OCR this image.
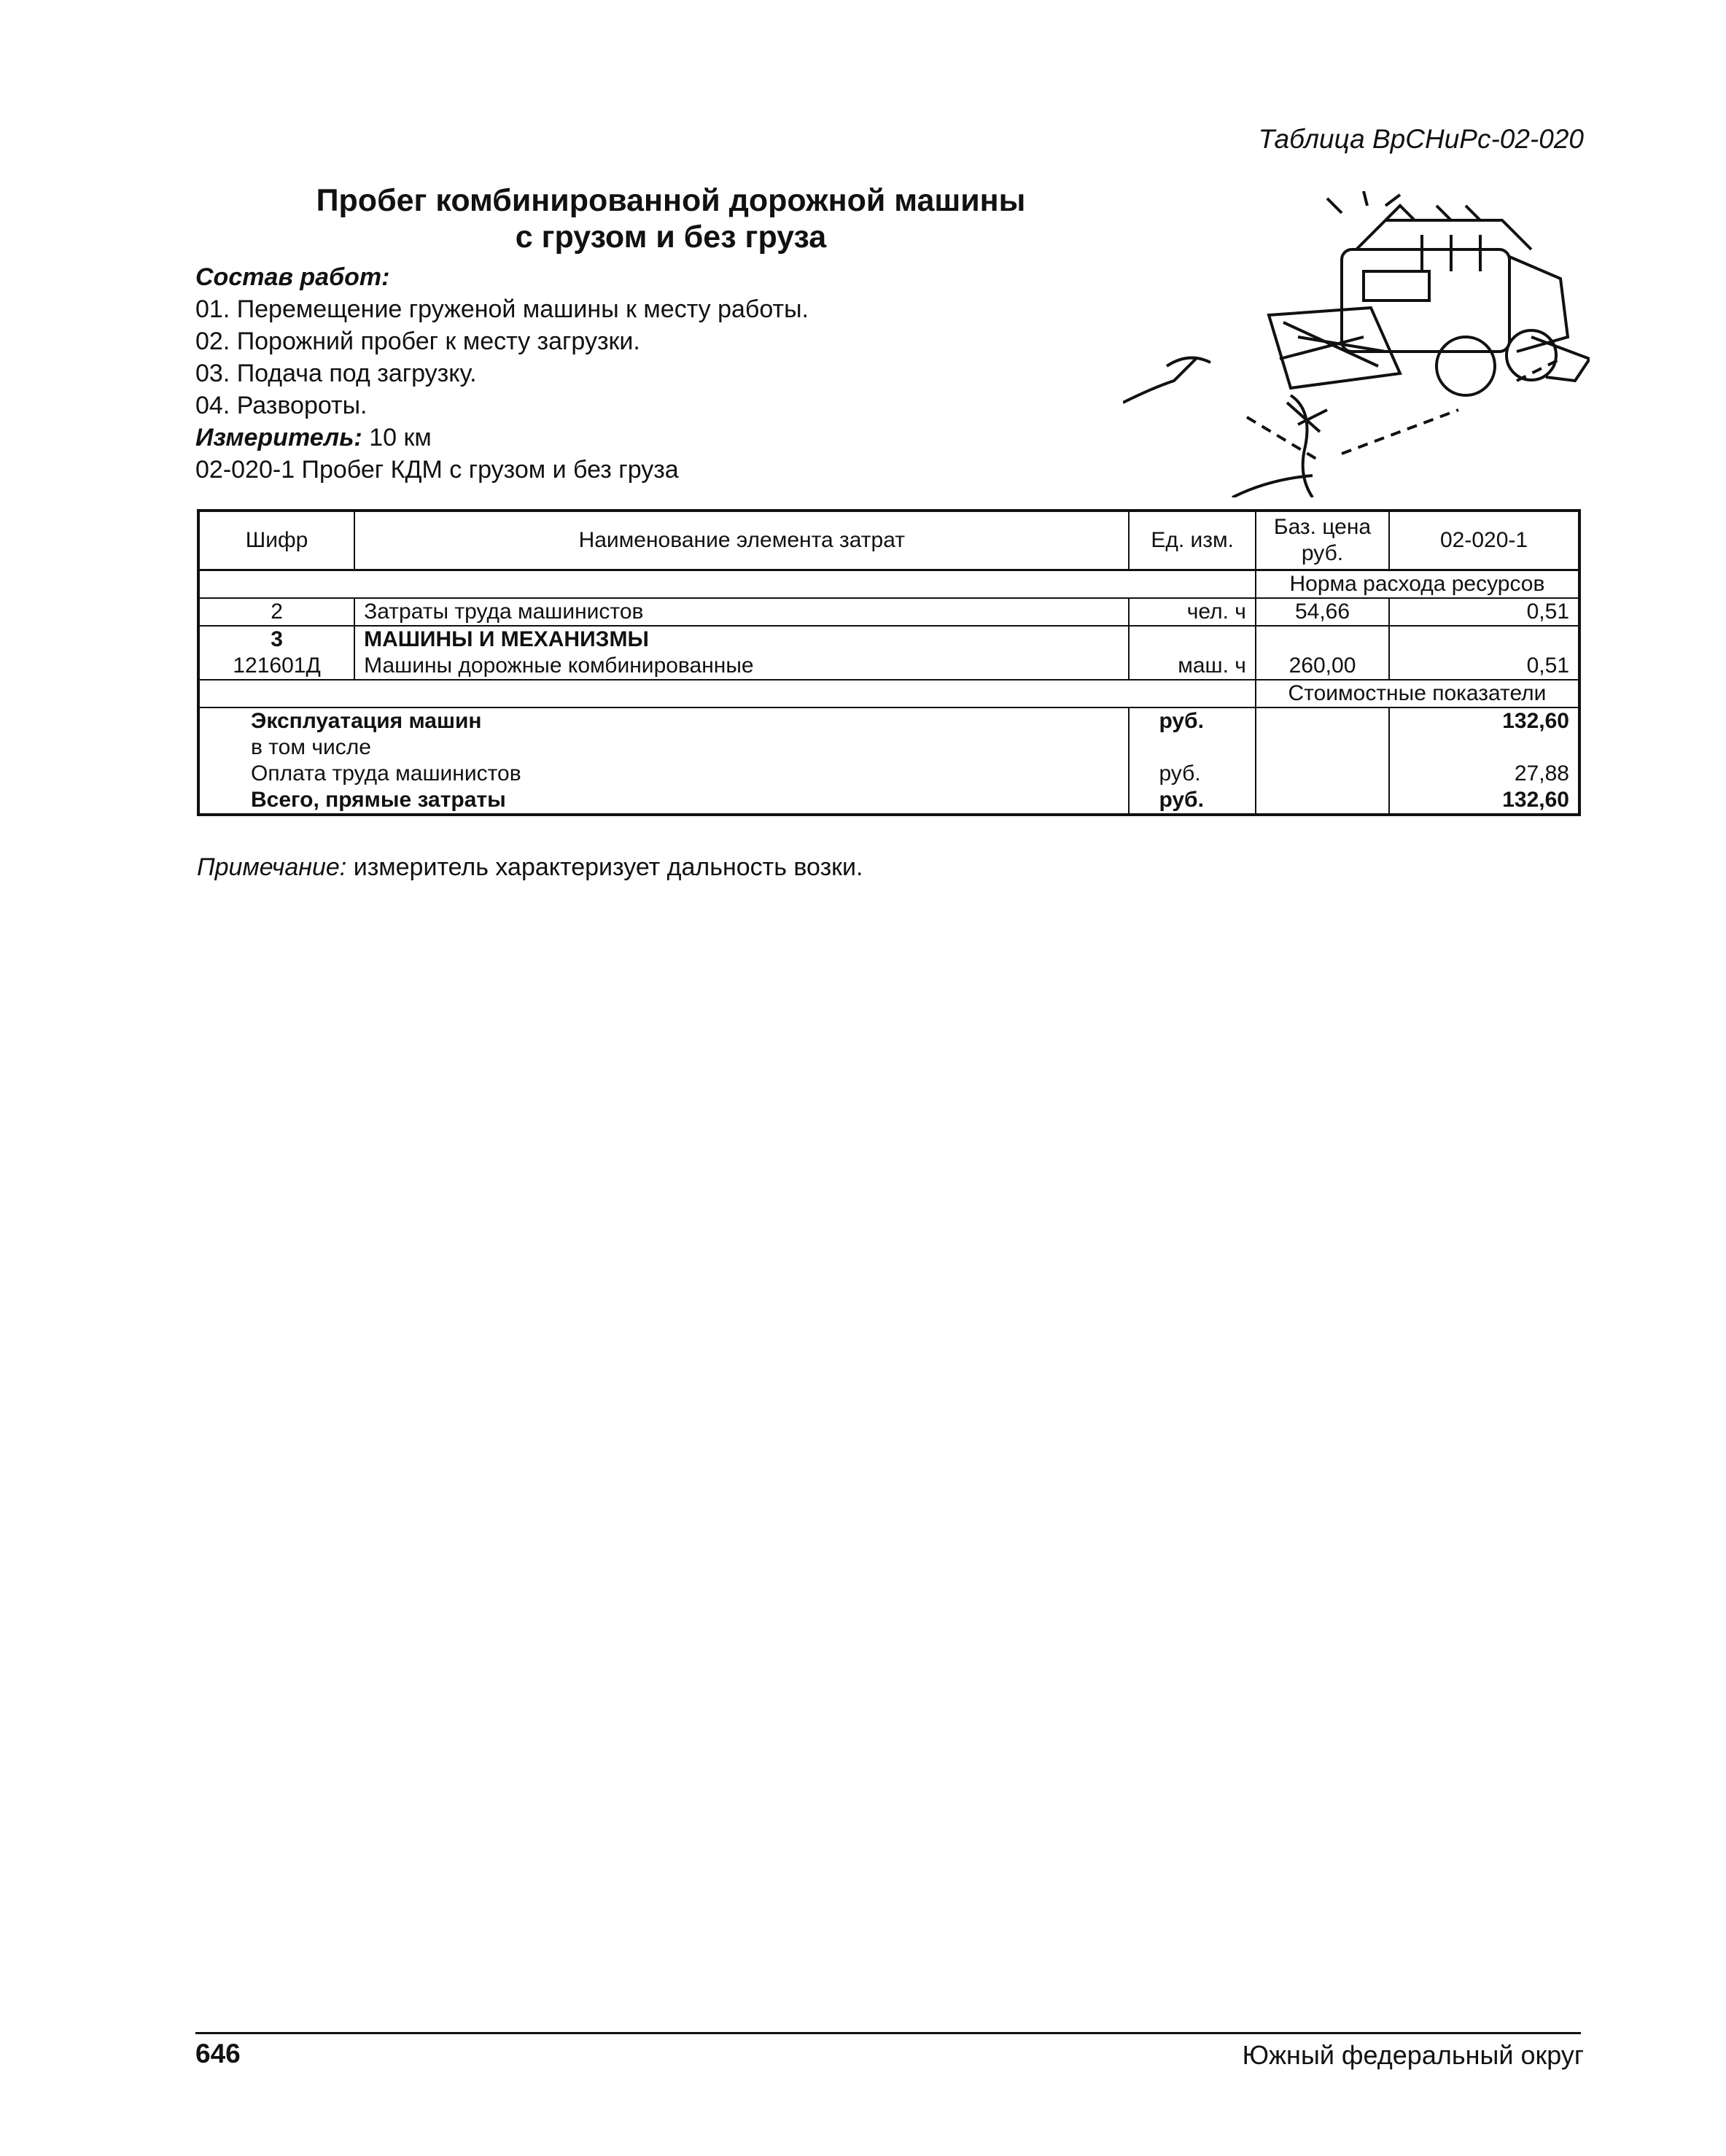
Таблица ВрСНиРс-02-020
Пробег комбинированной дорожной машины
с грузом и без груза
Состав работ:
01. Перемещение груженой машины к месту работы.
02. Порожний пробег к месту загрузки.
03. Подача под загрузку.
04. Развороты.
Измеритель: 10 км
02-020-1 Пробег КДМ с грузом и без груза
Шифр	Наименование элемента затрат	Ед. изм.	Баз. цена руб.	02-020-1
			Норма расхода ресурсов	
2	Затраты труда машинистов	чел. ч	54,66	0,51
3	МАШИНЫ И МЕХАНИЗМЫ			
121601Д	Машины дорожные комбинированные	маш. ч	260,00	0,51
			Стоимостные показатели	
Эксплуатация машин		руб.		132,60
в том числе				
Оплата труда машинистов		руб.		27,88
Всего, прямые затраты		руб.		132,60
Примечание: измеритель характеризует дальность возки.
646	Южный федеральный округ
